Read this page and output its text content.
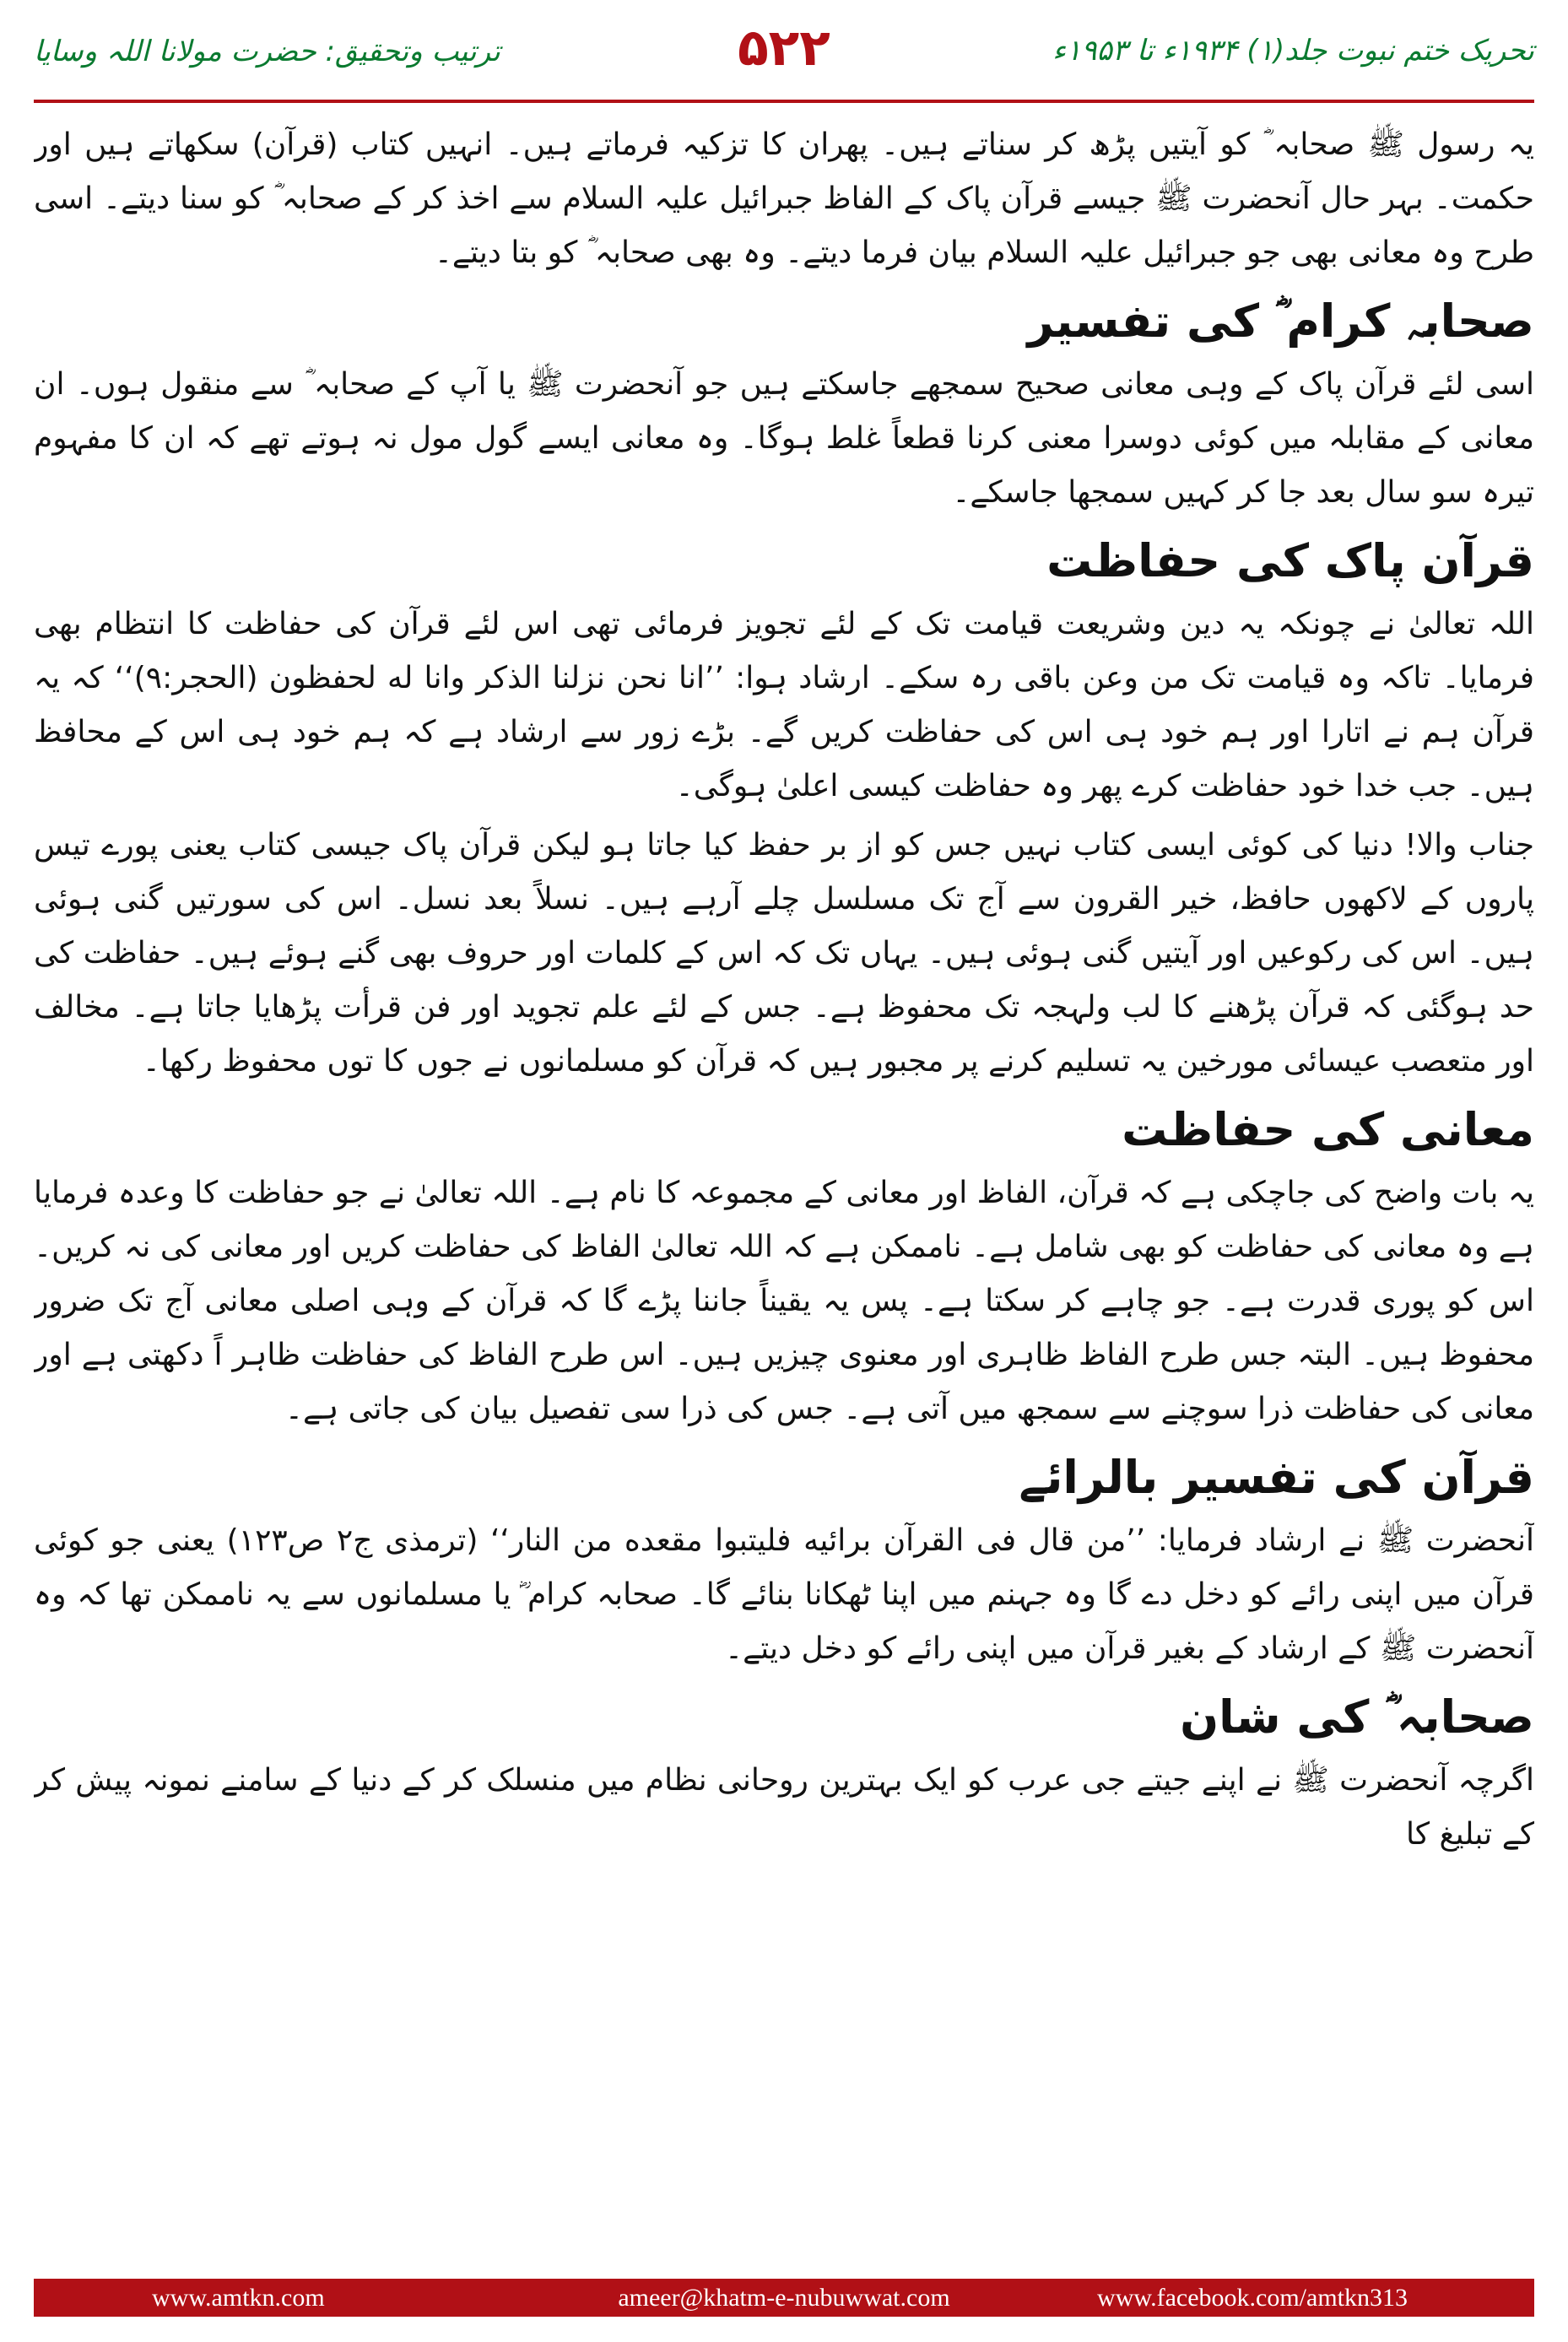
تحریک ختم نبوت جلد(۱) ۱۹۳۴ء تا ۱۹۵۳ء
۵۲۲
ترتیب وتحقیق: حضرت مولانا اللہ وسایا
یہ رسول ﷺ صحابہ ؓ کو آیتیں پڑھ کر سناتے ہیں۔ پھران کا تزکیہ فرماتے ہیں۔ انہیں کتاب (قرآن) سکھاتے ہیں اور حکمت۔ بہر حال آنحضرت ﷺ جیسے قرآن پاک کے الفاظ جبرائیل علیہ السلام سے اخذ کر کے صحابہ ؓ کو سنا دیتے۔ اسی طرح وہ معانی بھی جو جبرائیل علیہ السلام بیان فرما دیتے۔ وہ بھی صحابہ ؓ کو بتا دیتے۔
صحابہ کرام ؓ کی تفسیر
اسی لئے قرآن پاک کے وہی معانی صحیح سمجھے جاسکتے ہیں جو آنحضرت ﷺ یا آپ کے صحابہ ؓ سے منقول ہوں۔ ان معانی کے مقابلہ میں کوئی دوسرا معنی کرنا قطعاً غلط ہوگا۔ وہ معانی ایسے گول مول نہ ہوتے تھے کہ ان کا مفہوم تیرہ سو سال بعد جا کر کہیں سمجھا جاسکے۔
قرآن پاک کی حفاظت
اللہ تعالیٰ نے چونکہ یہ دین وشریعت قیامت تک کے لئے تجویز فرمائی تھی اس لئے قرآن کی حفاظت کا انتظام بھی فرمایا۔ تاکہ وہ قیامت تک من وعن باقی رہ سکے۔ ارشاد ہوا: ’’انا نحن نزلنا الذکر وانا له لحفظون (الحجر:۹)‘‘ کہ یہ قرآن ہم نے اتارا اور ہم خود ہی اس کی حفاظت کریں گے۔ بڑے زور سے ارشاد ہے کہ ہم خود ہی اس کے محافظ ہیں۔ جب خدا خود حفاظت کرے پھر وہ حفاظت کیسی اعلیٰ ہوگی۔
جناب والا! دنیا کی کوئی ایسی کتاب نہیں جس کو از بر حفظ کیا جاتا ہو لیکن قرآن پاک جیسی کتاب یعنی پورے تیس پاروں کے لاکھوں حافظ، خیر القرون سے آج تک مسلسل چلے آرہے ہیں۔ نسلاً بعد نسل۔ اس کی سورتیں گنی ہوئی ہیں۔ اس کی رکوعیں اور آیتیں گنی ہوئی ہیں۔ یہاں تک کہ اس کے کلمات اور حروف بھی گنے ہوئے ہیں۔ حفاظت کی حد ہوگئی کہ قرآن پڑھنے کا لب ولہجہ تک محفوظ ہے۔ جس کے لئے علم تجوید اور فن قرأت پڑھایا جاتا ہے۔ مخالف اور متعصب عیسائی مورخین یہ تسلیم کرنے پر مجبور ہیں کہ قرآن کو مسلمانوں نے جوں کا توں محفوظ رکھا۔
معانی کی حفاظت
یہ بات واضح کی جاچکی ہے کہ قرآن، الفاظ اور معانی کے مجموعہ کا نام ہے۔ اللہ تعالیٰ نے جو حفاظت کا وعدہ فرمایا ہے وہ معانی کی حفاظت کو بھی شامل ہے۔ ناممکن ہے کہ اللہ تعالیٰ الفاظ کی حفاظت کریں اور معانی کی نہ کریں۔ اس کو پوری قدرت ہے۔ جو چاہے کر سکتا ہے۔ پس یہ یقیناً جاننا پڑے گا کہ قرآن کے وہی اصلی معانی آج تک ضرور محفوظ ہیں۔ البتہ جس طرح الفاظ ظاہری اور معنوی چیزیں ہیں۔ اس طرح الفاظ کی حفاظت ظاہر اً دکھتی ہے اور معانی کی حفاظت ذرا سوچنے سے سمجھ میں آتی ہے۔ جس کی ذرا سی تفصیل بیان کی جاتی ہے۔
قرآن کی تفسیر بالرائے
آنحضرت ﷺ نے ارشاد فرمایا: ’’من قال فی القرآن برائیه فلیتبوا مقعده من النار‘‘ (ترمذی ج۲ ص۱۲۳) یعنی جو کوئی قرآن میں اپنی رائے کو دخل دے گا وہ جہنم میں اپنا ٹھکانا بنائے گا۔ صحابہ کرام ؓ یا مسلمانوں سے یہ ناممکن تھا کہ وہ آنحضرت ﷺ کے ارشاد کے بغیر قرآن میں اپنی رائے کو دخل دیتے۔
صحابہ ؓ کی شان
اگرچہ آنحضرت ﷺ نے اپنے جیتے جی عرب کو ایک بہترین روحانی نظام میں منسلک کر کے دنیا کے سامنے نمونہ پیش کر کے تبلیغ کا
www.amtkn.com	ameer@khatm-e-nubuwwat.com	www.facebook.com/amtkn313
